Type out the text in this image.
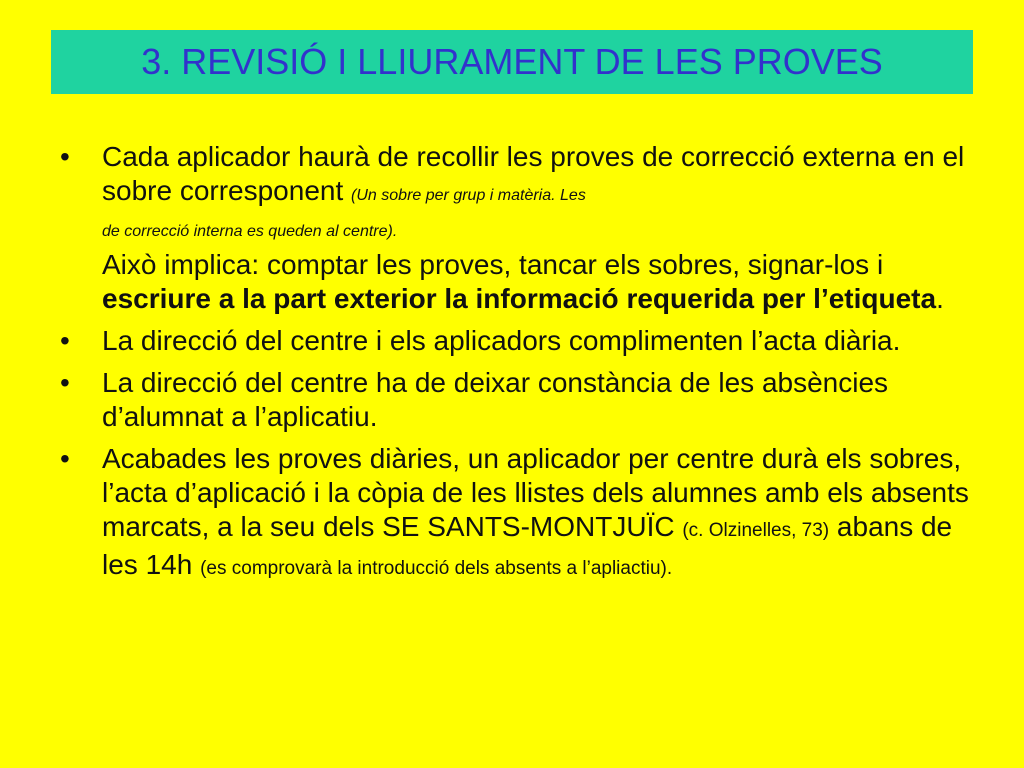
3. REVISIÓ I LLIURAMENT DE LES PROVES
• Cada aplicador haurà de recollir les proves de correcció externa en el sobre corresponent (Un sobre per grup i matèria. Les
de correcció interna es queden al centre).
Això implica: comptar les proves, tancar els sobres, signar-los i escriure a la part exterior la informació requerida per l’etiqueta.
• La direcció del centre i els aplicadors complimenten l’acta diària.
• La direcció del centre ha de deixar constància de les absències d’alumnat a l’aplicatiu.
• Acabades les proves diàries, un aplicador per centre durà els sobres, l’acta d’aplicació i la còpia de les llistes dels alumnes amb els absents marcats, a la seu dels SE SANTS-MONTJUÏC (c. Olzinelles, 73) abans de les 14h (es comprovarà la introducció dels absents a l’apliactiu).
